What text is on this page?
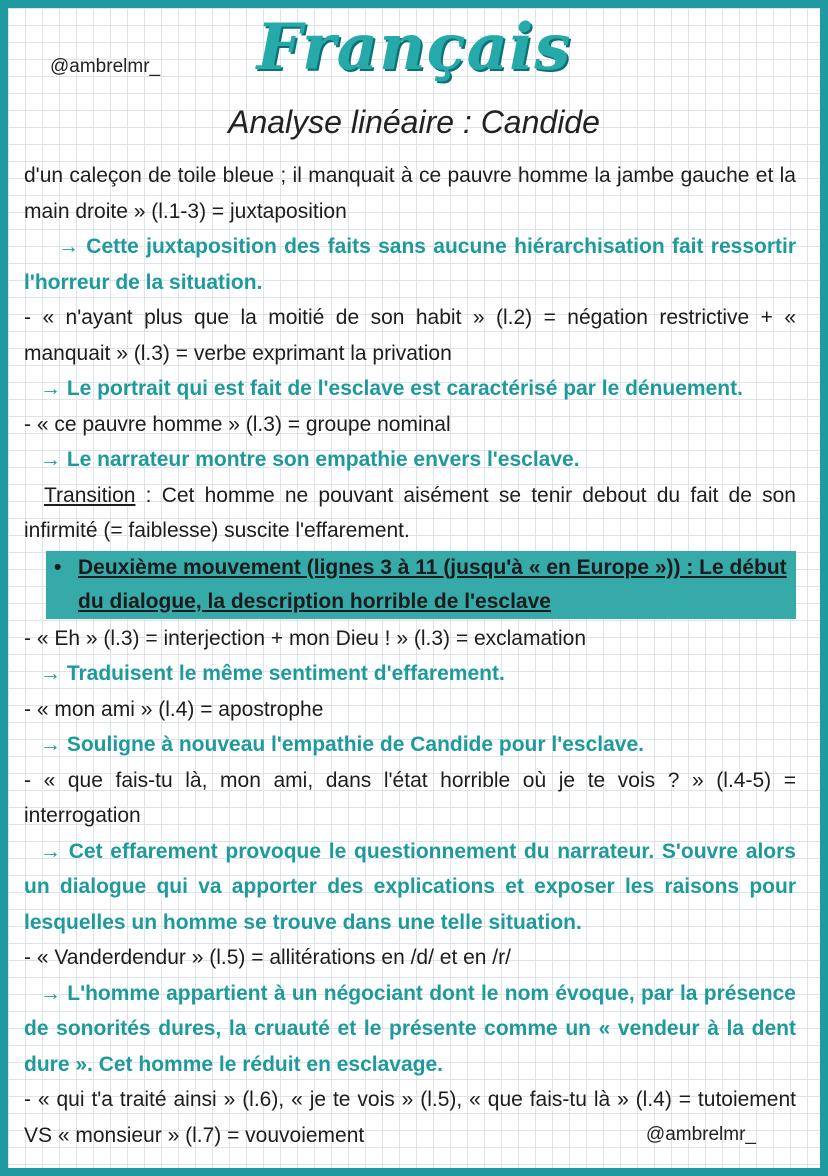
@ambrelmr_	Français
Analyse linéaire : Candide

d'un caleçon de toile bleue ; il manquait à ce pauvre homme la jambe gauche et la main droite » (l.1-3) = juxtaposition

→ Cette juxtaposition des faits sans aucune hiérarchisation fait ressortir l'horreur de la situation.

- « n'ayant plus que la moitié de son habit » (l.2) = négation restrictive + « manquait » (l.3) = verbe exprimant la privation

→ Le portrait qui est fait de l'esclave est caractérisé par le dénuement.

- « ce pauvre homme » (l.3) = groupe nominal

→ Le narrateur montre son empathie envers l'esclave.

Transition : Cet homme ne pouvant aisément se tenir debout du fait de son infirmité (= faiblesse) suscite l'effarement.

• Deuxième mouvement (lignes 3 à 11 (jusqu'à « en Europe »)) : Le début du dialogue, la description horrible de l'esclave

- « Eh » (l.3) = interjection + mon Dieu ! » (l.3) = exclamation

→ Traduisent le même sentiment d'effarement.

- « mon ami » (l.4) = apostrophe

→ Souligne à nouveau l'empathie de Candide pour l'esclave.

- « que fais-tu là, mon ami, dans l'état horrible où je te vois ? » (l.4-5) = interrogation

→ Cet effarement provoque le questionnement du narrateur. S'ouvre alors un dialogue qui va apporter des explications et exposer les raisons pour lesquelles un homme se trouve dans une telle situation.

- « Vanderdendur » (l.5) = allitérations en /d/ et en /r/

→ L'homme appartient à un négociant dont le nom évoque, par la présence de sonorités dures, la cruauté et le présente comme un « vendeur à la dent dure ». Cet homme le réduit en esclavage.

- « qui t'a traité ainsi » (l.6), « je te vois » (l.5), « que fais-tu là » (l.4) = tutoiement VS « monsieur » (l.7) = vouvoiement	@ambrelmr_
